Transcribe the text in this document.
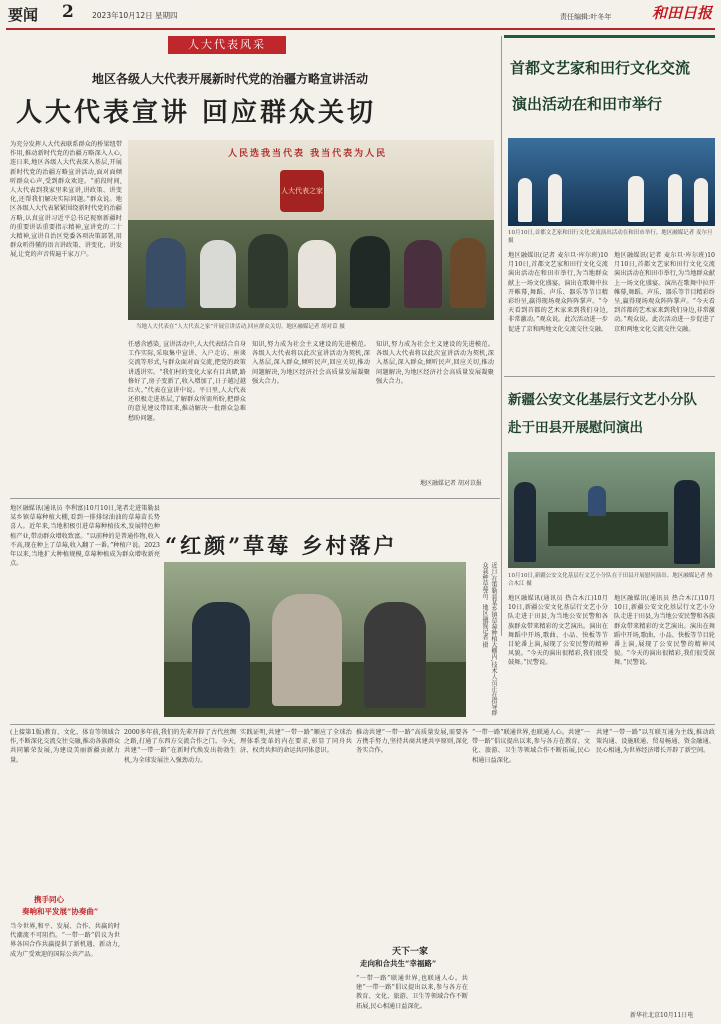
要闻 2 2023年10月12日 星期四	责任编辑:叶冬年	和田日报
人大代表风采
地区各级人大代表开展新时代党的治疆方略宣讲活动
人大代表宣讲 回应群众关切
为充分发挥人大代表联系群众的桥梁纽带作用,推动新时代党的治疆方略深入人心,连日来,地区各级人大代表深入基层,开展新时代党的治疆方略宣讲活动,面对面倾听群众心声,受到群众欢迎。“前段时间,人大代表到我家里来宣讲,讲政策、讲变化,还帮我们解决实际问题。”群众说。地区各级人大代表紧紧围绕新时代党的治疆方略,认真宣讲习近平总书记视察新疆时的重要讲话重要指示精神,宣讲党的二十大精神,宣讲自治区党委各项决策部署,用群众听得懂的语言讲政策、讲变化、讲发展,让党的声音传遍千家万户。
人民选我当代表 我当代表为人民
人大代表之家
当地人大代表在“人大代表之家”开展宣讲活动,回应群众关切。地区融媒记者 胡对苡 摄
任感含感染, 宣讲活动中,人大代表结合自身工作实际,采取集中宣讲、入户走访、座谈交流等形式,与群众面对面交流,把党的政策讲透讲实。“我们村的变化大家有目共睹,路修好了,房子变新了,收入增加了,日子越过越红火。”代表在宣讲中说。平日里,人大代表还积极走进基层,了解群众所需所盼,把群众的意见建议带回来,推动解决一批群众急难愁盼问题。
知识,努力成为社会主义建设的先进模范。各级人大代表将以此次宣讲活动为契机,深入基层,深入群众,倾听民声,回应关切,推动问题解决,为地区经济社会高质量发展凝聚强大合力。
知识,努力成为社会主义建设的先进模范。各级人大代表将以此次宣讲活动为契机,深入基层,深入群众,倾听民声,回应关切,推动问题解决,为地区经济社会高质量发展凝聚强大合力。
地区融媒记者 胡对苡报
首都文艺家和田行文化交流
演出活动在和田市举行
10月10日,首都文艺家和田行文化交流演出活动在和田市举行。地区融媒记者 麦尔旦 摄
地区融媒讯(记者 麦尔旦·库尔班)10月10日,首都文艺家和田行文化交流演出活动在和田市举行,为当地群众献上一场文化盛宴。演出在歌舞中拉开帷幕,舞蹈、声乐、器乐等节目精彩纷呈,赢得现场观众阵阵掌声。“今天看到首都的艺术家来到我们身边,非常激动。”观众说。此次活动进一步促进了京和两地文化交流交往交融。
地区融媒讯(记者 麦尔旦·库尔班)10月10日,首都文艺家和田行文化交流演出活动在和田市举行,为当地群众献上一场文化盛宴。演出在歌舞中拉开帷幕,舞蹈、声乐、器乐等节目精彩纷呈,赢得现场观众阵阵掌声。“今天看到首都的艺术家来到我们身边,非常激动。”观众说。此次活动进一步促进了京和两地文化交流交往交融。
新疆公安文化基层行文艺小分队
赴于田县开展慰问演出
10月10日,新疆公安文化基层行文艺小分队在于田县开展慰问演出。地区融媒记者 热合木江 摄
地区融媒讯(通讯员 热合木江)10月10日,新疆公安文化基层行文艺小分队走进于田县,为当地公安民警和各族群众带来精彩的文艺演出。演出在舞蹈中开场,歌曲、小品、快板等节目轮番上演,展现了公安民警的精神风貌。“今天的演出很精彩,我们很受鼓舞。”民警说。
地区融媒讯(通讯员 热合木江)10月10日,新疆公安文化基层行文艺小分队走进于田县,为当地公安民警和各族群众带来精彩的文艺演出。演出在舞蹈中开场,歌曲、小品、快板等节目轮番上演,展现了公安民警的精神风貌。“今天的演出很精彩,我们很受鼓舞。”民警说。
地区融媒讯(通讯员 李利富)10月10日,笔者走进策勒县某乡镇草莓种植大棚,看到一排排绿油油的草莓苗长势喜人。近年来,当地积极引进草莓种植技术,发展特色种植产业,带动群众增收致富。“以前种的是普通作物,收入不高,现在种上了草莓,收入翻了一番。”种植户说。2023年以来,当地扩大种植规模,草莓种植成为群众增收新亮点。
“红颜”草莓 乡村落户
近日,在策勒县某乡镇草莓种植大棚内,技术人员正在指导群众栽种草莓苗。地区融媒记者 摄
(上接第1版)教育、文化、体育等领域合作,不断深化交流交往交融,推动各族群众共同繁荣发展,为建设美丽新疆贡献力量。
携手同心
奏响和平发展“协奏曲”
当今世界,和平、发展、合作、共赢的时代潮流不可阻挡。“一带一路”倡议为世界各国合作共赢提供了新机遇、新动力,成为广受欢迎的国际公共产品。
2000多年前,我们的先辈开辟了古代丝绸之路,打通了东西方交流合作之门。今天,共建“一带一路”在新时代焕发出勃勃生机,为全球发展注入强劲动力。
实践证明,共建“一带一路”顺应了全球治理体系变革的内在要求,彰显了同舟共济、权责共担的命运共同体意识。
推动共建“一带一路”高质量发展,需要各方携手努力,坚持共商共建共享原则,深化务实合作。
天下一家
走向和合共生“幸福路”
“一带一路”联通世界,也联通人心。共建“一带一路”倡议提出以来,参与各方在教育、文化、旅游、卫生等领域合作不断拓展,民心相通日益深化。
“一带一路”联通世界,也联通人心。共建“一带一路”倡议提出以来,参与各方在教育、文化、旅游、卫生等领域合作不断拓展,民心相通日益深化。
共建“一带一路”以互联互通为主线,推动政策沟通、设施联通、贸易畅通、资金融通、民心相通,为世界经济增长开辟了新空间。
新华社北京10月11日电
